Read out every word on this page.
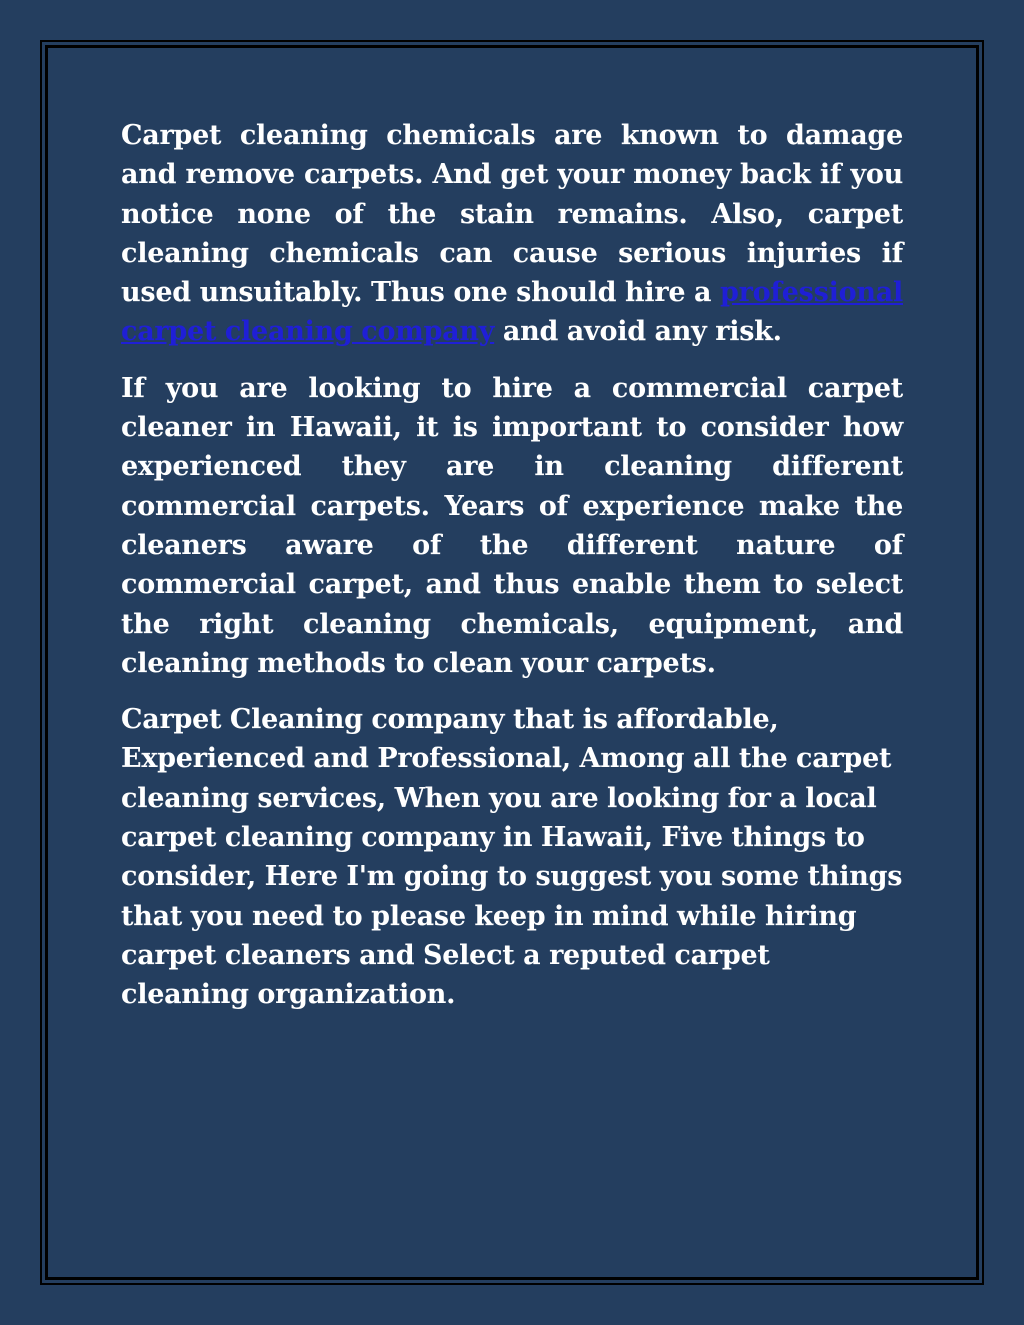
Carpet cleaning chemicals are known to damage and remove carpets. And get your money back if you notice none of the stain remains. Also, carpet cleaning chemicals can cause serious injuries if used unsuitably. Thus one should hire a professional carpet cleaning company and avoid any risk.

If you are looking to hire a commercial carpet cleaner in Hawaii, it is important to consider how experienced they are in cleaning different commercial carpets. Years of experience make the cleaners aware of the different nature of commercial carpet, and thus enable them to select the right cleaning chemicals, equipment, and cleaning methods to clean your carpets.

Carpet Cleaning company that is affordable, Experienced and Professional, Among all the carpet cleaning services, When you are looking for a local carpet cleaning company in Hawaii, Five things to consider, Here I'm going to suggest you some things that you need to please keep in mind while hiring carpet cleaners and Select a reputed carpet cleaning organization.
